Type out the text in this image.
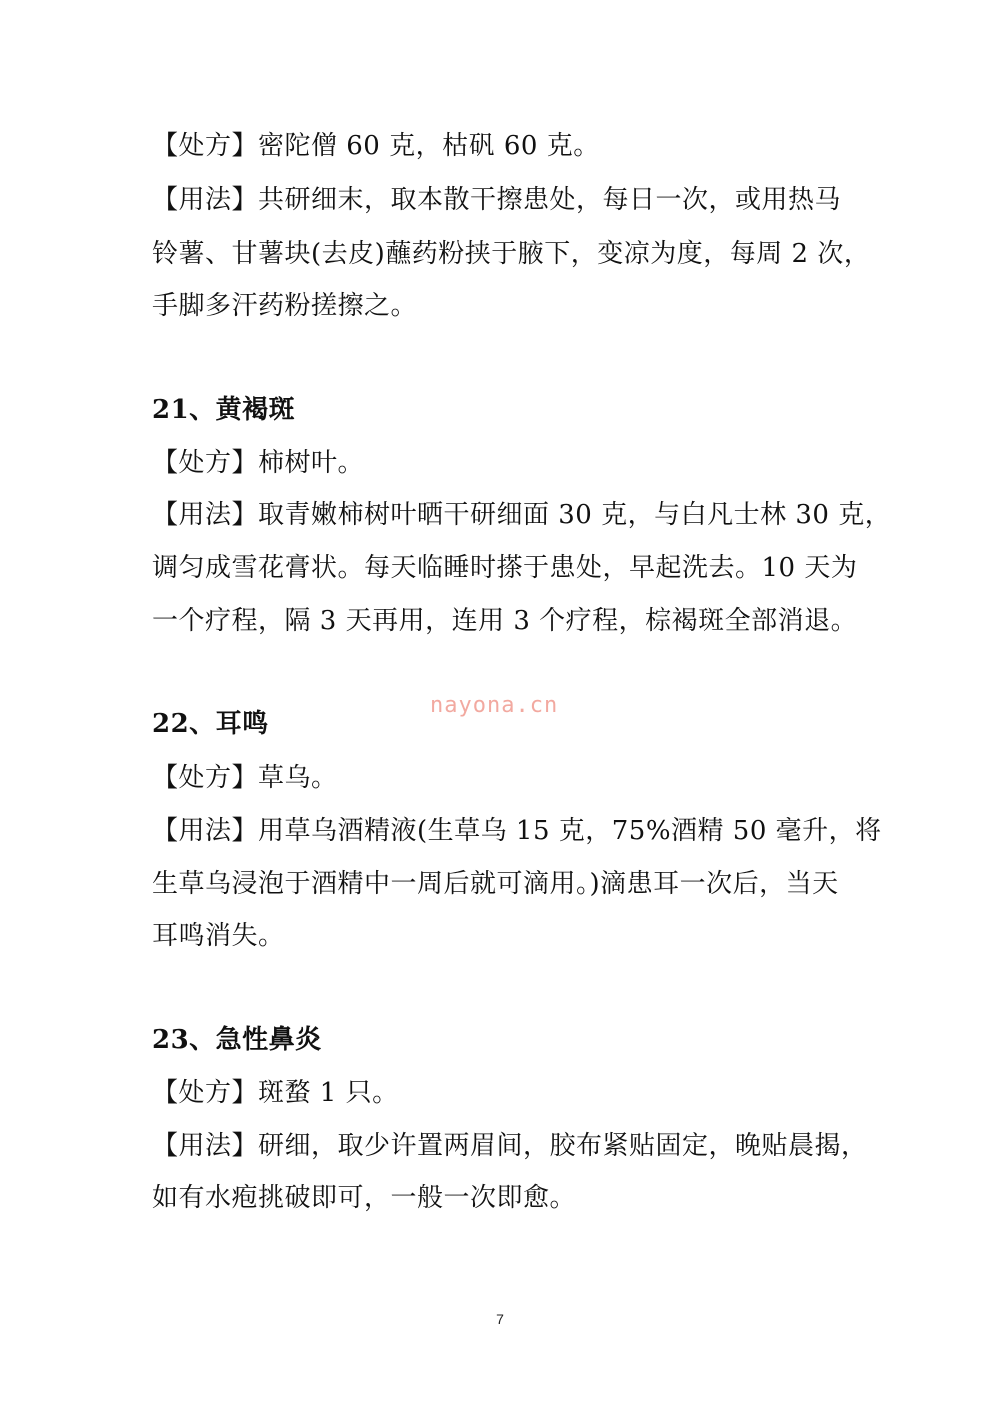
【处方】密陀僧 60 克，枯矾 60 克。
【用法】共研细末，取本散干擦患处，每日一次，或用热马
铃薯、甘薯块(去皮)蘸药粉挟于腋下，变凉为度，每周 2 次，
手脚多汗药粉搓擦之。
21、黄褐斑
【处方】柿树叶。
【用法】取青嫩柿树叶晒干研细面 30 克，与白凡士林 30 克，
调匀成雪花膏状。每天临睡时搽于患处，早起洗去。10 天为
一个疗程，隔 3 天再用，连用 3 个疗程，棕褐斑全部消退。
nayona.cn
22、耳鸣
【处方】草乌。
【用法】用草乌酒精液(生草乌 15 克，75%酒精 50 毫升，将
生草乌浸泡于酒精中一周后就可滴用。)滴患耳一次后，当天
耳鸣消失。
23、急性鼻炎
【处方】斑蝥 1 只。
【用法】研细，取少许置两眉间，胶布紧贴固定，晚贴晨揭，
如有水疱挑破即可，一般一次即愈。
7
